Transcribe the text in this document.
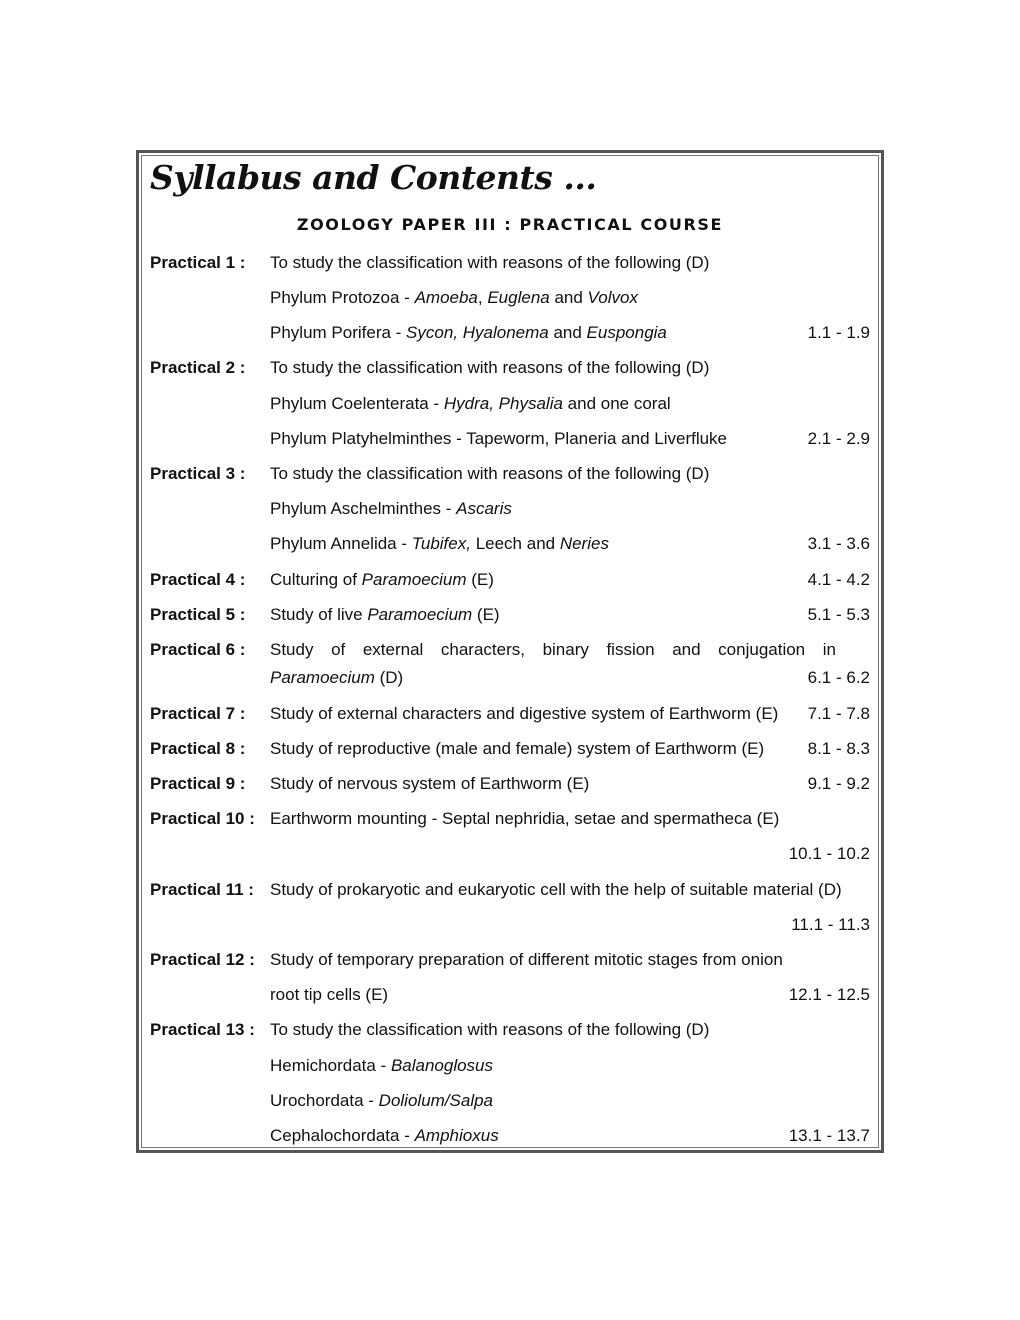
Syllabus and Contents ...
ZOOLOGY PAPER III : PRACTICAL COURSE
Practical 1 : To study the classification with reasons of the following (D)
Phylum Protozoa - Amoeba, Euglena and Volvox
Phylum Porifera - Sycon, Hyalonema and Euspongia	1.1 - 1.9
Practical 2 : To study the classification with reasons of the following (D)
Phylum Coelenterata - Hydra, Physalia and one coral
Phylum Platyhelminthes - Tapeworm, Planeria and Liverfluke	2.1 - 2.9
Practical 3 : To study the classification with reasons of the following (D)
Phylum Aschelminthes - Ascaris
Phylum Annelida - Tubifex, Leech and Neries	3.1 - 3.6
Practical 4 : Culturing of Paramoecium (E)	4.1 - 4.2
Practical 5 : Study of live Paramoecium (E)	5.1 - 5.3
Practical 6 : Study of external characters, binary fission and conjugation in
Paramoecium (D)	6.1 - 6.2
Practical 7 : Study of external characters and digestive system of Earthworm (E) 7.1 - 7.8
Practical 8 : Study of reproductive (male and female) system of Earthworm (E)	8.1 - 8.3
Practical 9 : Study of nervous system of Earthworm (E)	9.1 - 9.2
Practical 10 : Earthworm mounting - Septal nephridia, setae and spermatheca (E)
10.1 - 10.2
Practical 11 : Study of prokaryotic and eukaryotic cell with the help of suitable material (D)
11.1 - 11.3
Practical 12 : Study of temporary preparation of different mitotic stages from onion
root tip cells (E)	12.1 - 12.5
Practical 13 : To study the classification with reasons of the following (D)
Hemichordata - Balanoglosus
Urochordata - Doliolum/Salpa
Cephalochordata - Amphioxus	13.1 - 13.7
